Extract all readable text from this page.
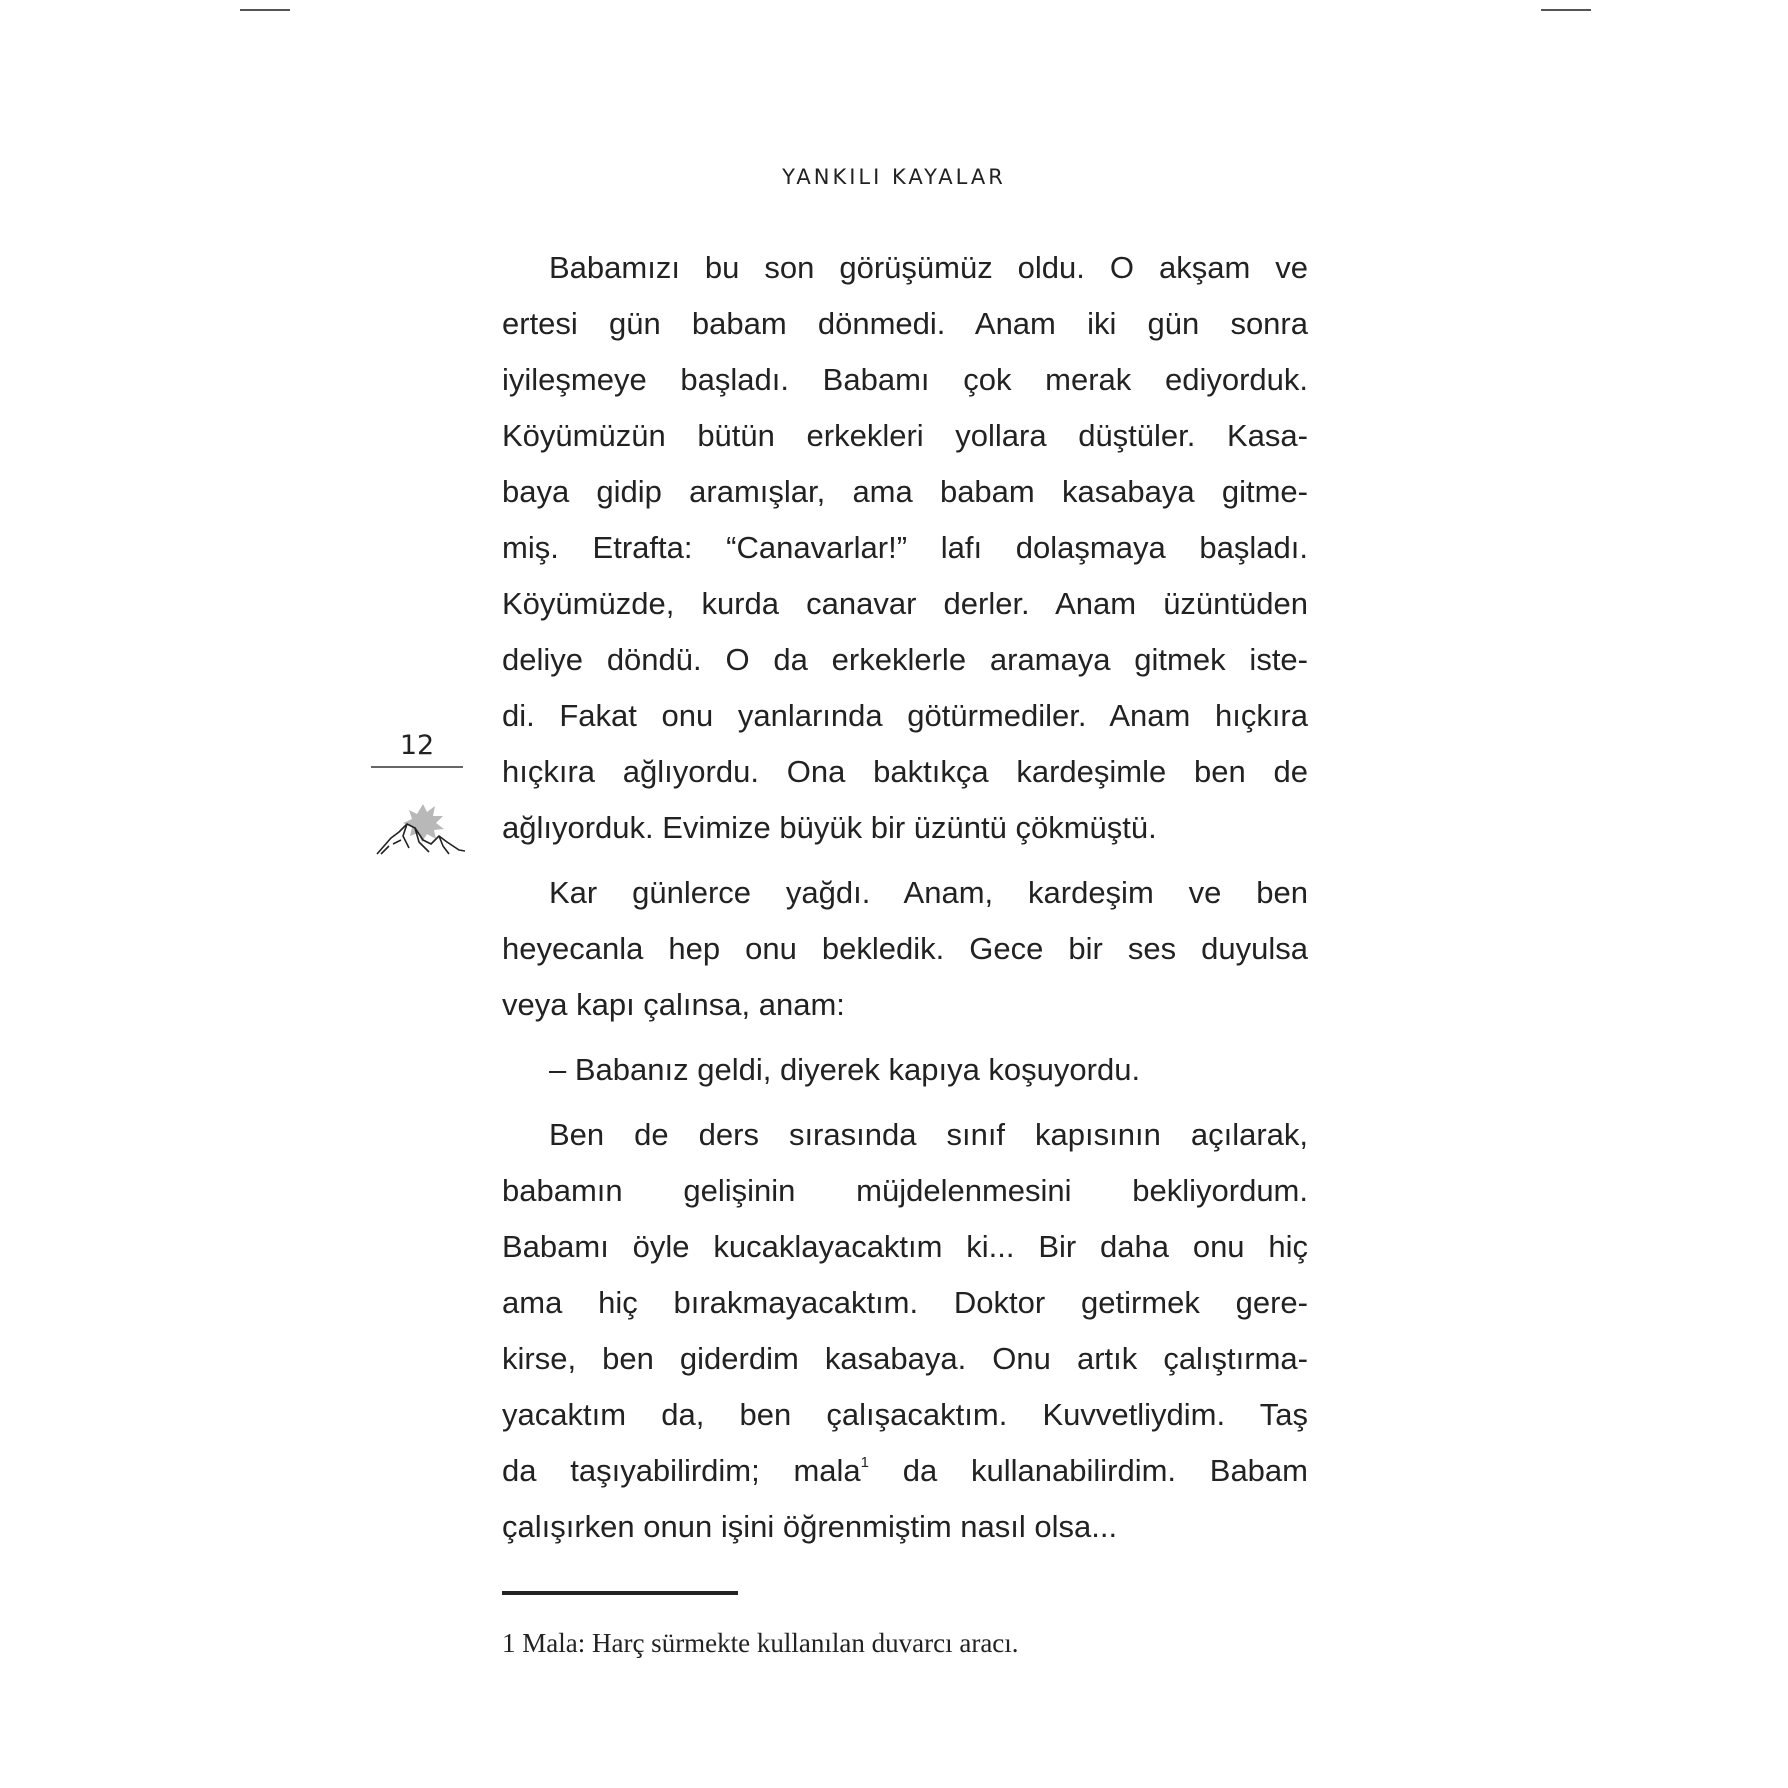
YANKILI KAYALAR
Babamızı bu son görüşümüz oldu. O akşam ve
ertesi gün babam dönmedi. Anam iki gün sonra
iyileşmeye başladı. Babamı çok merak ediyorduk.
Köyümüzün bütün erkekleri yollara düştüler. Kasa-
baya gidip aramışlar, ama babam kasabaya gitme-
miş. Etrafta: “Canavarlar!” lafı dolaşmaya başladı.
Köyümüzde, kurda canavar derler. Anam üzüntüden
deliye döndü. O da erkeklerle aramaya gitmek iste-
di. Fakat onu yanlarında götürmediler. Anam hıçkıra
hıçkıra ağlıyordu. Ona baktıkça kardeşimle ben de
ağlıyorduk. Evimize büyük bir üzüntü çökmüştü.
Kar günlerce yağdı. Anam, kardeşim ve ben
heyecanla hep onu bekledik. Gece bir ses duyulsa
veya kapı çalınsa, anam:
– Babanız geldi, diyerek kapıya koşuyordu.
Ben de ders sırasında sınıf kapısının açılarak,
babamın gelişinin müjdelenmesini bekliyordum.
Babamı öyle kucaklayacaktım ki... Bir daha onu hiç
ama hiç bırakmayacaktım. Doktor getirmek gere-
kirse, ben giderdim kasabaya. Onu artık çalıştırma-
yacaktım da, ben çalışacaktım. Kuvvetliydim. Taş
da taşıyabilirdim; mala$^1$ da kullanabilirdim. Babam
çalışırken onun işini öğrenmiştim nasıl olsa...
12
1 Mala: Harç sürmekte kullanılan duvarcı aracı.
